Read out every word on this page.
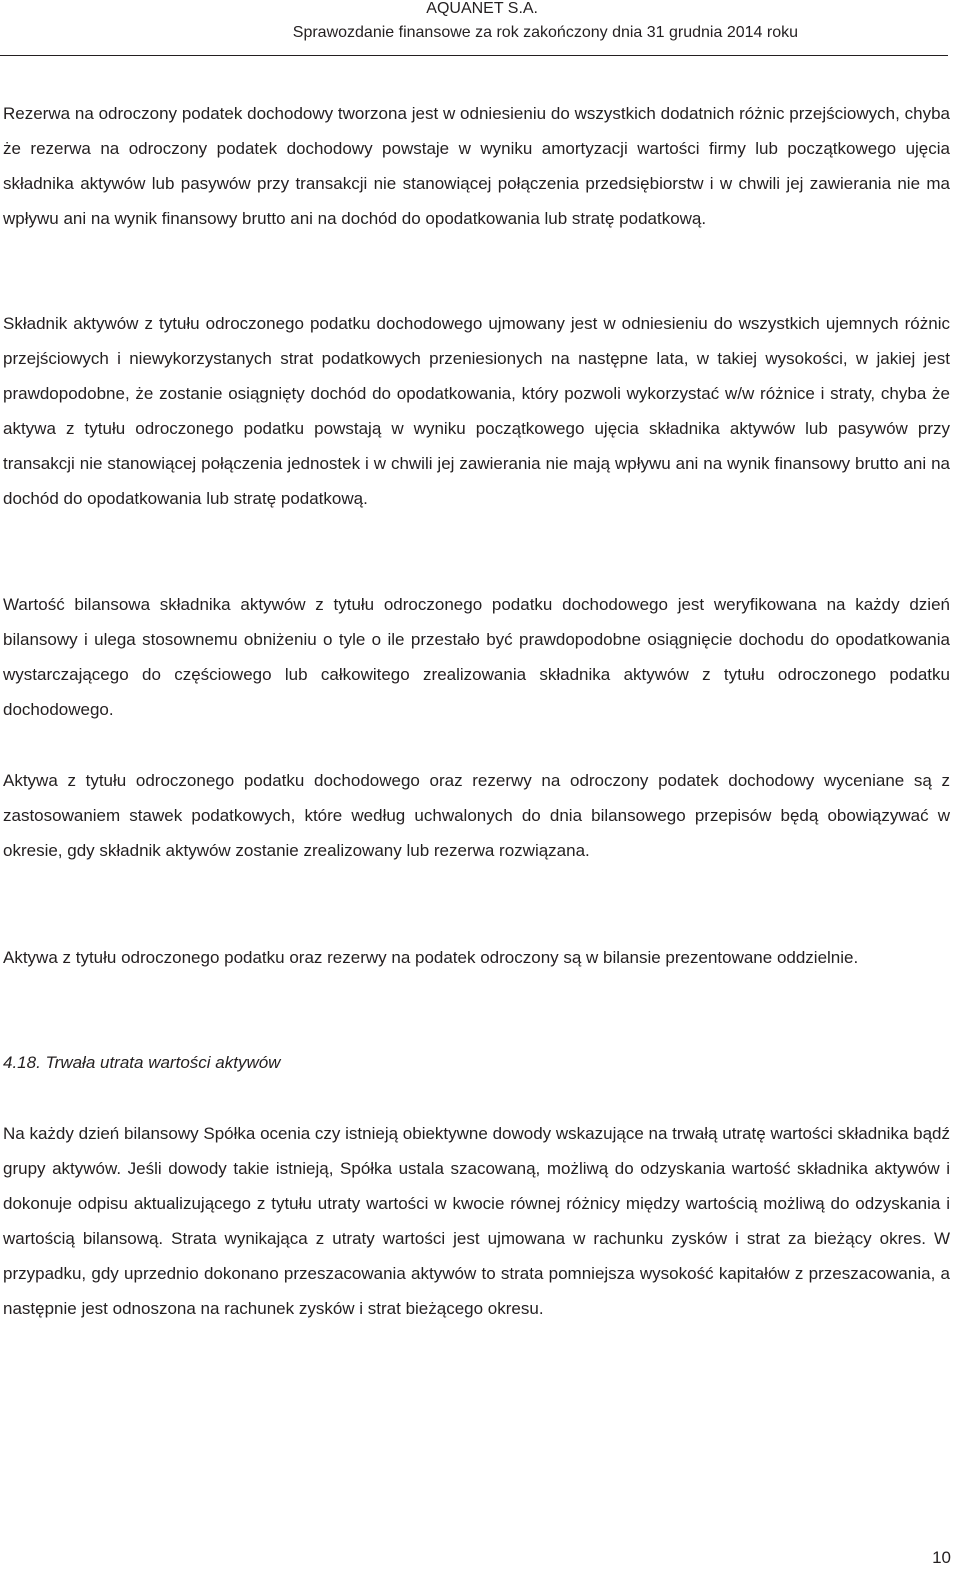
AQUANET S.A.
Sprawozdanie finansowe za rok zakończony dnia 31 grudnia 2014 roku

Rezerwa na odroczony podatek dochodowy tworzona jest w odniesieniu do wszystkich dodatnich różnic przejściowych, chyba że rezerwa na odroczony podatek dochodowy powstaje w wyniku amortyzacji wartości firmy lub początkowego ujęcia składnika aktywów lub pasywów przy transakcji nie stanowiącej połączenia przedsiębiorstw i w chwili jej zawierania nie ma wpływu ani na wynik finansowy brutto ani na dochód do opodatkowania lub stratę podatkową.

Składnik aktywów z tytułu odroczonego podatku dochodowego ujmowany jest w odniesieniu do wszystkich ujemnych różnic przejściowych i niewykorzystanych strat podatkowych przeniesionych na następne lata, w takiej wysokości, w jakiej jest prawdopodobne, że zostanie osiągnięty dochód do opodatkowania, który pozwoli wykorzystać w/w różnice i straty, chyba że aktywa z tytułu odroczonego podatku powstają w wyniku początkowego ujęcia składnika aktywów lub pasywów przy transakcji nie stanowiącej połączenia jednostek i w chwili jej zawierania nie mają wpływu ani na wynik finansowy brutto ani na dochód do opodatkowania lub stratę podatkową.

Wartość bilansowa składnika aktywów z tytułu odroczonego podatku dochodowego jest weryfikowana na każdy dzień bilansowy i ulega stosownemu obniżeniu o tyle o ile przestało być prawdopodobne osiągnięcie dochodu do opodatkowania wystarczającego do częściowego lub całkowitego zrealizowania składnika aktywów z tytułu odroczonego podatku dochodowego.

Aktywa z tytułu odroczonego podatku dochodowego oraz rezerwy na odroczony podatek dochodowy wyceniane są z zastosowaniem stawek podatkowych, które według uchwalonych do dnia bilansowego przepisów będą obowiązywać w okresie, gdy składnik aktywów zostanie zrealizowany lub rezerwa rozwiązana.

Aktywa z tytułu odroczonego podatku oraz rezerwy na podatek odroczony są w bilansie prezentowane oddzielnie.

4.18. Trwała utrata wartości aktywów

Na każdy dzień bilansowy Spółka ocenia czy istnieją obiektywne dowody wskazujące na trwałą utratę wartości składnika bądź grupy aktywów. Jeśli dowody takie istnieją, Spółka ustala szacowaną, możliwą do odzyskania wartość składnika aktywów i dokonuje odpisu aktualizującego z tytułu utraty wartości w kwocie równej różnicy między wartością możliwą do odzyskania i wartością bilansową. Strata wynikająca z utraty wartości jest ujmowana w rachunku zysków i strat za bieżący okres. W przypadku, gdy uprzednio dokonano przeszacowania aktywów to strata pomniejsza wysokość kapitałów z przeszacowania, a następnie jest odnoszona na rachunek zysków i strat bieżącego okresu.

10
